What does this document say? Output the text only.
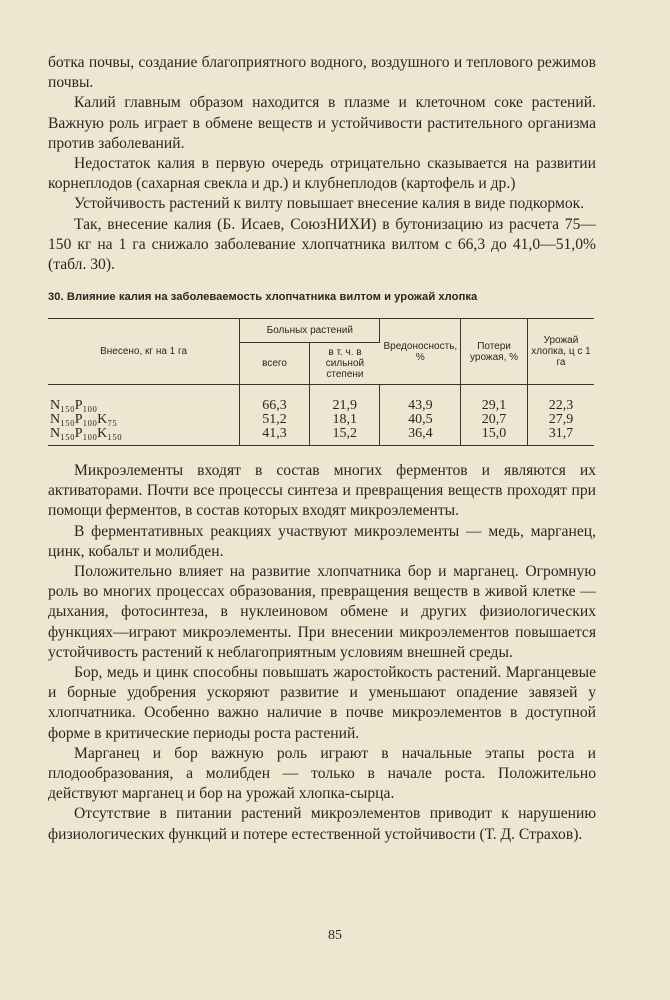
ботка почвы, создание благоприятного водного, воздушного и теплового режимов почвы.

Калий главным образом находится в плазме и клеточном соке растений. Важную роль играет в обмене веществ и устойчивости растительного организма против заболеваний.

Недостаток калия в первую очередь отрицательно сказывается на развитии корнеплодов (сахарная свекла и др.) и клубнеплодов (картофель и др.)

Устойчивость растений к вилту повышает внесение калия в виде подкормок.

Так, внесение калия (Б. Исаев, СоюзНИХИ) в бутонизацию из расчета 75—150 кг на 1 га снижало заболевание хлопчатника вилтом с 66,3 до 41,0—51,0% (табл. 30).

30. Влияние калия на заболеваемость хлопчатника вилтом и урожай хлопка
Внесено, кг на 1 га	Больных растений		Вредоносность, %	Потери урожая, %	Урожай хлопка, ц с 1 га
	всего	в т. ч. в сильной степени			
N₁₅₀P₁₀₀	66,3	21,9	43,9	29,1	22,3
N₁₅₀P₁₀₀K₇₅	51,2	18,1	40,5	20,7	27,9
N₁₅₀P₁₀₀K₁₅₀	41,3	15,2	36,4	15,0	31,7

Микроэлементы входят в состав многих ферментов и являются их активаторами. Почти все процессы синтеза и превращения веществ проходят при помощи ферментов, в состав которых входят микроэлементы.

В ферментативных реакциях участвуют микроэлементы — медь, марганец, цинк, кобальт и молибден.

Положительно влияет на развитие хлопчатника бор и марганец. Огромную роль во многих процессах образования, превращения веществ в живой клетке — дыхания, фотосинтеза, в нуклеиновом обмене и других физиологических функциях—играют микроэлементы. При внесении микроэлементов повышается устойчивость растений к неблагоприятным условиям внешней среды.

Бор, медь и цинк способны повышать жаростойкость растений. Марганцевые и борные удобрения ускоряют развитие и уменьшают опадение завязей у хлопчатника. Особенно важно наличие в почве микроэлементов в доступной форме в критические периоды роста растений.

Марганец и бор важную роль играют в начальные этапы роста и плодообразования, а молибден — только в начале роста. Положительно действуют марганец и бор на урожай хлопка-сырца.

Отсутствие в питании растений микроэлементов приводит к нарушению физиологических функций и потере естественной устойчивости (Т. Д. Страхов).

85
